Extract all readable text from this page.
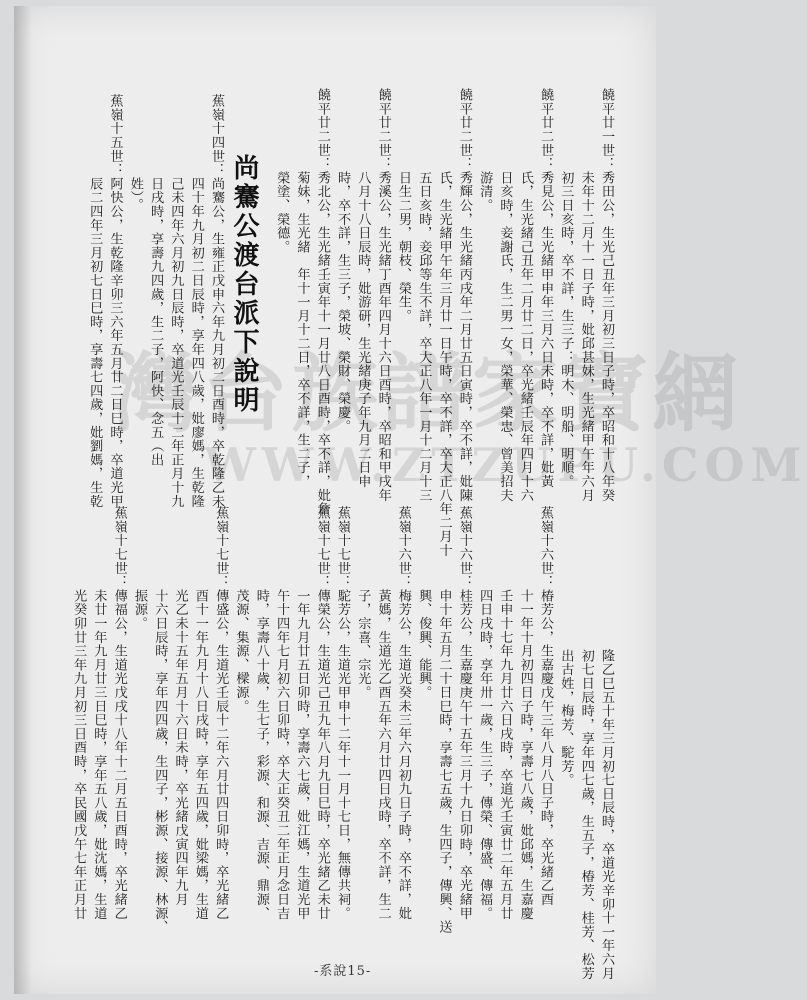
灣台族譜家寶網
WWW.ZTZUPU.COM
饒平廿一世：秀田公，生光己丑年三月初三日子時，卒昭和十八年癸
　　　　　　未年十二月十一日子時，妣邱甚妹，生光緒甲午年六月
　　　　　　初三日亥時，卒不詳，生三子：明木、明船、明順。
饒平廿二世：秀見公，生光緒甲申年三月六日未時，卒不詳，妣黃
　　　　　　氏，生光緒己丑年二月廿二日，卒光緒壬辰年四月十六
　　　　　　日亥時，妾謝氏，生二男一女，榮華、榮忠、曾美招夫
　　　　　　游清。
饒平廿二世：秀輝公，生光緒丙戌年二月廿五日寅時，卒不詳，妣陳
　　　　　　氏，生光緒甲午年三月廿一日午時，卒不詳，卒大正八年二月十
　　　　　　五日亥時，妾邱等生不詳，卒大正八年一月十二月十三
　　　　　　日生二男，朝枝、榮生。
饒平廿二世：秀溪公，生光緒丁酉年四月十六日酉時，卒昭和甲戌年
　　　　　　八月十八日辰時，妣游研，生光緒庚子年九月二日申
　　　　　　時，卒不詳，生三子，榮坡、榮財、榮慶。
饒平廿二世：秀北公，生光緒壬寅年十一月廿八日酉時，卒不詳，妣詹
　　　　　　菊妹，生光緒　年十一月十二日，卒不詳，生二子，
　　　　　　榮塗、榮德。
　　　　　　隆乙巳五十年三月初七日辰時，卒道光辛卯十一年六月
　　　　　　初七日辰時，享年四七歲，生五子，椿芳、桂芳、松芳
　　　　　　出古姓，梅芳、駝芳。
蕉嶺十六世：椿芳公，生嘉慶戊午三年八月八日子時，卒光緒乙酉
　　　　　　十一年十月初四日子時，享壽七八歲，妣邱媽，生嘉慶
　　　　　　壬申十七年九月廿六日戌時，卒道光壬寅廿二年五月廿
　　　　　　四日戌時，享年卅一歲，生三子，傳榮、傳盛、傳福。
蕉嶺十六世：桂芳公，生嘉慶庚午十五年三月十九日卯時，卒光緒甲
　　　　　　申十年五月二十日巳時，享壽七五歲，生四子，傳興、送
　　　　　　興、俊興、能興。
蕉嶺十六世：梅芳公，生道光癸未三年六月初九日子時，卒不詳，妣
　　　　　　黃媽，生道光乙酉五年六月廿四日戌時，卒不詳，生二
　　　　　　子，宗喜、宗光。
蕉嶺十七世：駝芳公，生道光甲申十二年十一月十七日，無傳共祠。
蕉嶺十七世：傳榮公，生道光己丑九年八月九日巳時，卒光緒乙未廿
　　　　　　一年九月廿五日卯時，享壽六七歲，妣江媽，生道光甲
　　　　　　午十四年七月初六日卯時，卒大正癸丑二年正月念日吉
　　　　　　時，享壽八十歲，生七子，彩源、和源、吉源、鼎源、
　　　　　　茂源、集源、樑源。
蕉嶺十七世：傳盛公，生道光壬辰十二年六月廿四日卯時，卒光緒乙
　　　　　　酉十一年九月十八日戌時，享年五四歲，妣梁媽，生道
　　　　　　光乙未十五年五月十六日未時，卒光緒戊寅四年九月
　　　　　　十六日辰時，享年四四歲，生四子，彬源、接源、林源、
　　　　　　振源。
蕉嶺十七世：傳福公，生道光戊戌十八年十二月五日酉時，卒光緒乙
　　　　　　未廿一年九月廿三日巳時，享年五八歲，妣沈媽，生道
　　　　　　光癸卯廿三年九月初三日酉時，卒民國戊午七年正月廿
蕉嶺十四世：尚騫公，生雍正戊申六年九月初二日酉時，卒乾隆乙未
　　　　　　四十年九月初二日辰時，享年四八歲，妣廖媽，生乾隆
　　　　　　己未四年六月初九日辰時，卒道光壬辰十二年正月十九
　　　　　　日戌時，享壽九四歲，生二子，阿快、念五（出
　　　　　　姓）。
蕉嶺十五世：阿快公，生乾隆辛卯三六年五月廿二日巳時，卒道光甲
　　　　　　辰二四年三月初七日巳時，享壽七四歲，妣劉媽，生乾	尚騫公渡台派下說明
-系說15-
